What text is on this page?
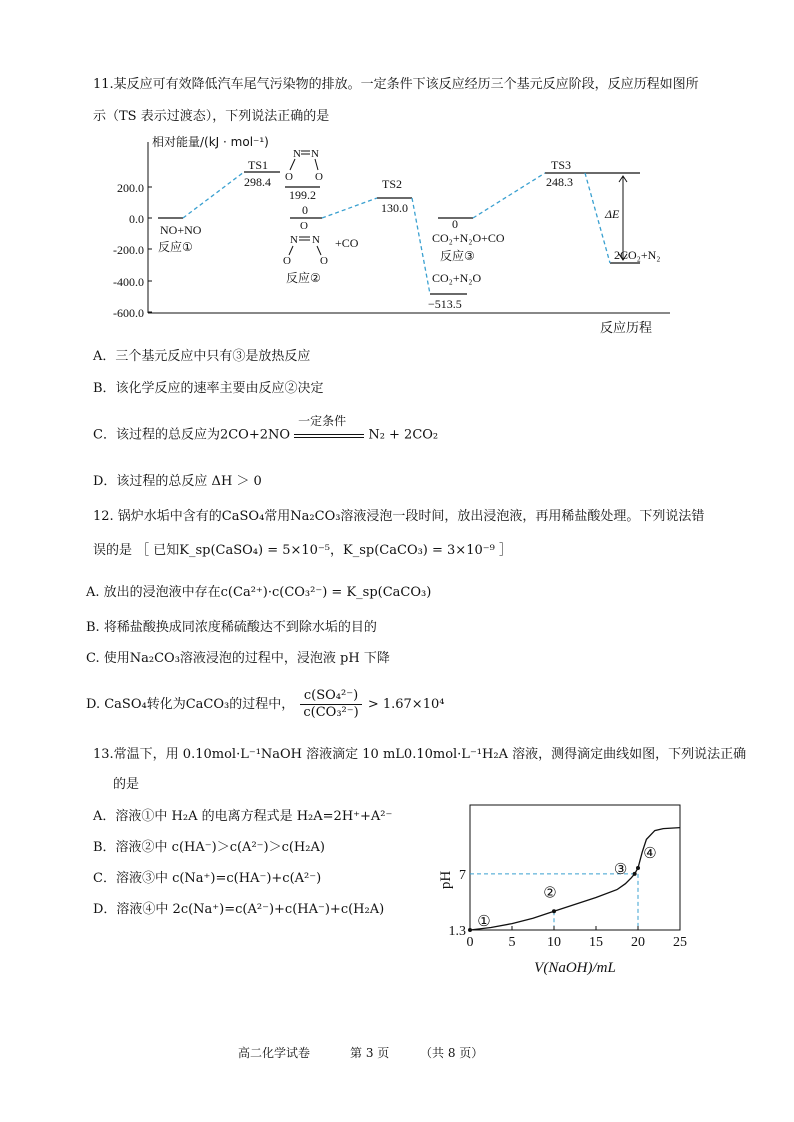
11.某反应可有效降低汽车尾气污染物的排放。一定条件下该反应经历三个基元反应阶段，反应历程如图所
示（TS 表示过渡态），下列说法正确的是
相对能量/(kJ · mol⁻¹)
反应历程
200.0
0.0
-200.0
-400.0
-600.0
TS1
298.4
199.2
TS2
130.0
TS3
248.3
NO+NO
反应①
0
+CO
反应②
0
CO₂+N₂O+CO
反应③
CO₂+N₂O
−513.5
ΔE
2CO₂+N₂
N N
O O
O
N N
O	O
A．三个基元反应中只有③是放热反应
B．该化学反应的速率主要由反应②决定
C．该过程的总反应为2CO+2NO
一定条件
N₂ + 2CO₂
D．该过程的总反应 ΔH ＞ 0
12. 锅炉水垢中含有的CaSO₄常用Na₂CO₃溶液浸泡一段时间，放出浸泡液，再用稀盐酸处理。下列说法错
误的是 ［ 已知K_sp(CaSO₄) = 5×10⁻⁵，K_sp(CaCO₃) = 3×10⁻⁹ ］
A. 放出的浸泡液中存在c(Ca²⁺)·c(CO₃²⁻) = K_sp(CaCO₃)
B. 将稀盐酸换成同浓度稀硫酸达不到除水垢的目的
C. 使用Na₂CO₃溶液浸泡的过程中，浸泡液 pH 下降
D. CaSO₄转化为CaCO₃的过程中， $\frac{\text{c(SO₄²⁻)}}{\text{c(CO₃²⁻)}} > 1.67\times 10^4$
13.常温下，用 0.10mol·L⁻¹NaOH 溶液滴定 10 mL0.10mol·L⁻¹H₂A 溶液，测得滴定曲线如图，下列说法正确
的是
A．溶液①中 H₂A 的电离方程式是 H₂A=2H⁺+A²⁻
B．溶液②中 c(HA⁻)＞c(A²⁻)＞c(H₂A)
C．溶液③中 c(Na⁺)=c(HA⁻)+c(A²⁻)
D．溶液④中 2c(Na⁺)=c(A²⁻)+c(HA⁻)+c(H₂A)
①
②
③
④
0	5 10 15 20 25
1.3
7
V(NaOH)/mL
pH
高二化学试卷	第 3 页	（共 8 页）
